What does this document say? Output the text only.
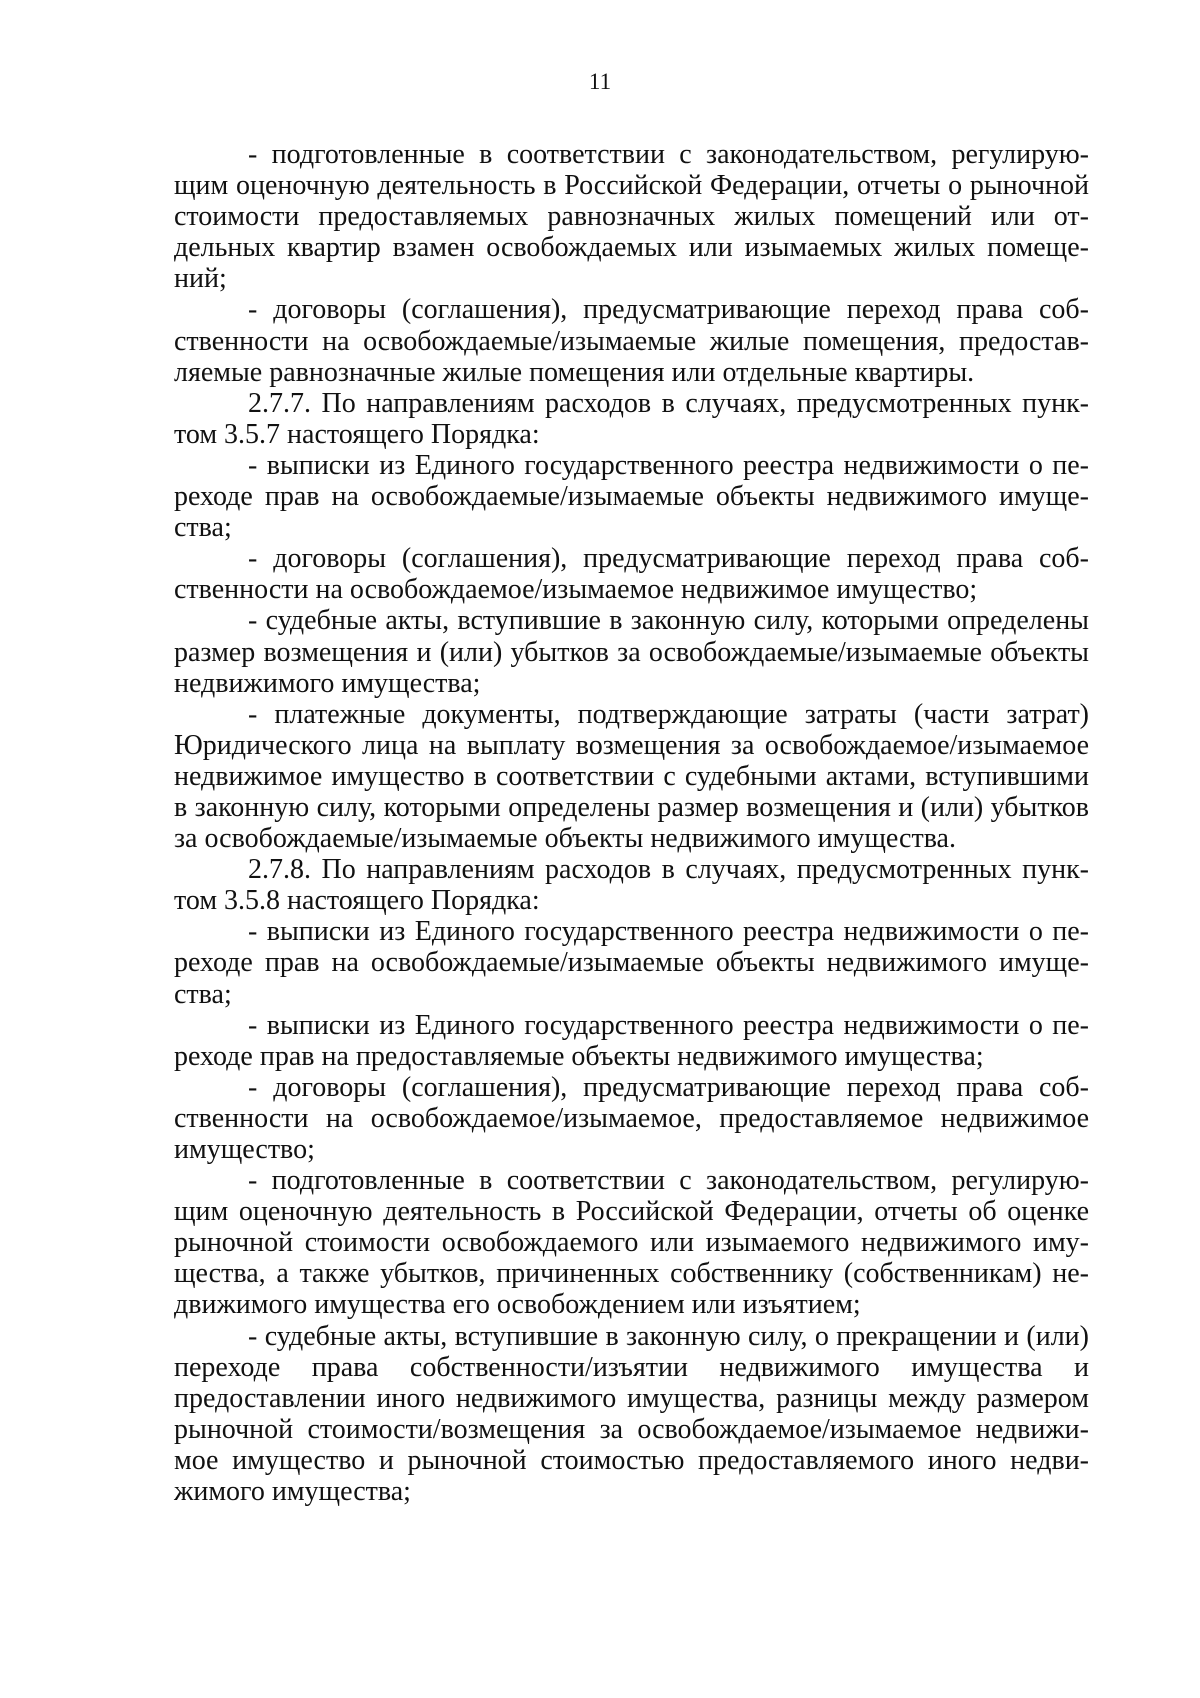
11

- подготовленные в соответствии с законодательством, регулирующим оценочную деятельность в Российской Федерации, отчеты о рыночной стоимости предоставляемых равнозначных жилых помещений или отдельных квартир взамен освобождаемых или изымаемых жилых помещений;

- договоры (соглашения), предусматривающие переход права собственности на освобождаемые/изымаемые жилые помещения, предоставляемые равнозначные жилые помещения или отдельные квартиры.

2.7.7. По направлениям расходов в случаях, предусмотренных пунктом 3.5.7 настоящего Порядка:

- выписки из Единого государственного реестра недвижимости о переходе прав на освобождаемые/изымаемые объекты недвижимого имущества;

- договоры (соглашения), предусматривающие переход права собственности на освобождаемое/изымаемое недвижимое имущество;

- судебные акты, вступившие в законную силу, которыми определены размер возмещения и (или) убытков за освобождаемые/изымаемые объекты недвижимого имущества;

- платежные документы, подтверждающие затраты (части затрат) Юридического лица на выплату возмещения за освобождаемое/изымаемое недвижимое имущество в соответствии с судебными актами, вступившими в законную силу, которыми определены размер возмещения и (или) убытков за освобождаемые/изымаемые объекты недвижимого имущества.

2.7.8. По направлениям расходов в случаях, предусмотренных пунктом 3.5.8 настоящего Порядка:

- выписки из Единого государственного реестра недвижимости о переходе прав на освобождаемые/изымаемые объекты недвижимого имущества;

- выписки из Единого государственного реестра недвижимости о переходе прав на предоставляемые объекты недвижимого имущества;

- договоры (соглашения), предусматривающие переход права собственности на освобождаемое/изымаемое, предоставляемое недвижимое имущество;

- подготовленные в соответствии с законодательством, регулирующим оценочную деятельность в Российской Федерации, отчеты об оценке рыночной стоимости освобождаемого или изымаемого недвижимого имущества, а также убытков, причиненных собственнику (собственникам) недвижимого имущества его освобождением или изъятием;

- судебные акты, вступившие в законную силу, о прекращении и (или) переходе права собственности/изъятии недвижимого имущества и предоставлении иного недвижимого имущества, разницы между размером рыночной стоимости/возмещения за освобождаемое/изымаемое недвижимое имущество и рыночной стоимостью предоставляемого иного недвижимого имущества;
